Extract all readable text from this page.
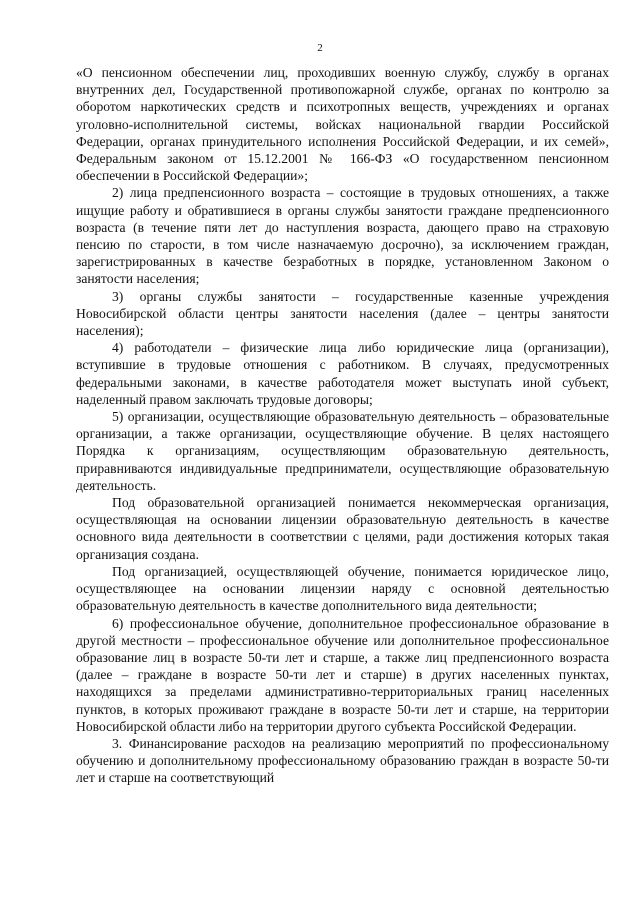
2

«О пенсионном обеспечении лиц, проходивших военную службу, службу в органах внутренних дел, Государственной противопожарной службе, органах по контролю за оборотом наркотических средств и психотропных веществ, учреждениях и органах уголовно-исполнительной системы, войсках национальной гвардии Российской Федерации, органах принудительного исполнения Российской Федерации, и их семей», Федеральным законом от 15.12.2001 № 166-ФЗ «О государственном пенсионном обеспечении в Российской Федерации»;

2) лица предпенсионного возраста – состоящие в трудовых отношениях, а также ищущие работу и обратившиеся в органы службы занятости граждане предпенсионного возраста (в течение пяти лет до наступления возраста, дающего право на страховую пенсию по старости, в том числе назначаемую досрочно), за исключением граждан, зарегистрированных в качестве безработных в порядке, установленном Законом о занятости населения;

3) органы службы занятости – государственные казенные учреждения Новосибирской области центры занятости населения (далее – центры занятости населения);

4) работодатели – физические лица либо юридические лица (организации), вступившие в трудовые отношения с работником. В случаях, предусмотренных федеральными законами, в качестве работодателя может выступать иной субъект, наделенный правом заключать трудовые договоры;

5) организации, осуществляющие образовательную деятельность – образовательные организации, а также организации, осуществляющие обучение. В целях настоящего Порядка к организациям, осуществляющим образовательную деятельность, приравниваются индивидуальные предприниматели, осуществляющие образовательную деятельность.

Под образовательной организацией понимается некоммерческая организация, осуществляющая на основании лицензии образовательную деятельность в качестве основного вида деятельности в соответствии с целями, ради достижения которых такая организация создана.

Под организацией, осуществляющей обучение, понимается юридическое лицо, осуществляющее на основании лицензии наряду с основной деятельностью образовательную деятельность в качестве дополнительного вида деятельности;

6) профессиональное обучение, дополнительное профессиональное образование в другой местности – профессиональное обучение или дополнительное профессиональное образование лиц в возрасте 50-ти лет и старше, а также лиц предпенсионного возраста (далее – граждане в возрасте 50-ти лет и старше) в других населенных пунктах, находящихся за пределами административно-территориальных границ населенных пунктов, в которых проживают граждане в возрасте 50-ти лет и старше, на территории Новосибирской области либо на территории другого субъекта Российской Федерации.

3. Финансирование расходов на реализацию мероприятий по профессиональному обучению и дополнительному профессиональному образованию граждан в возрасте 50-ти лет и старше на соответствующий
